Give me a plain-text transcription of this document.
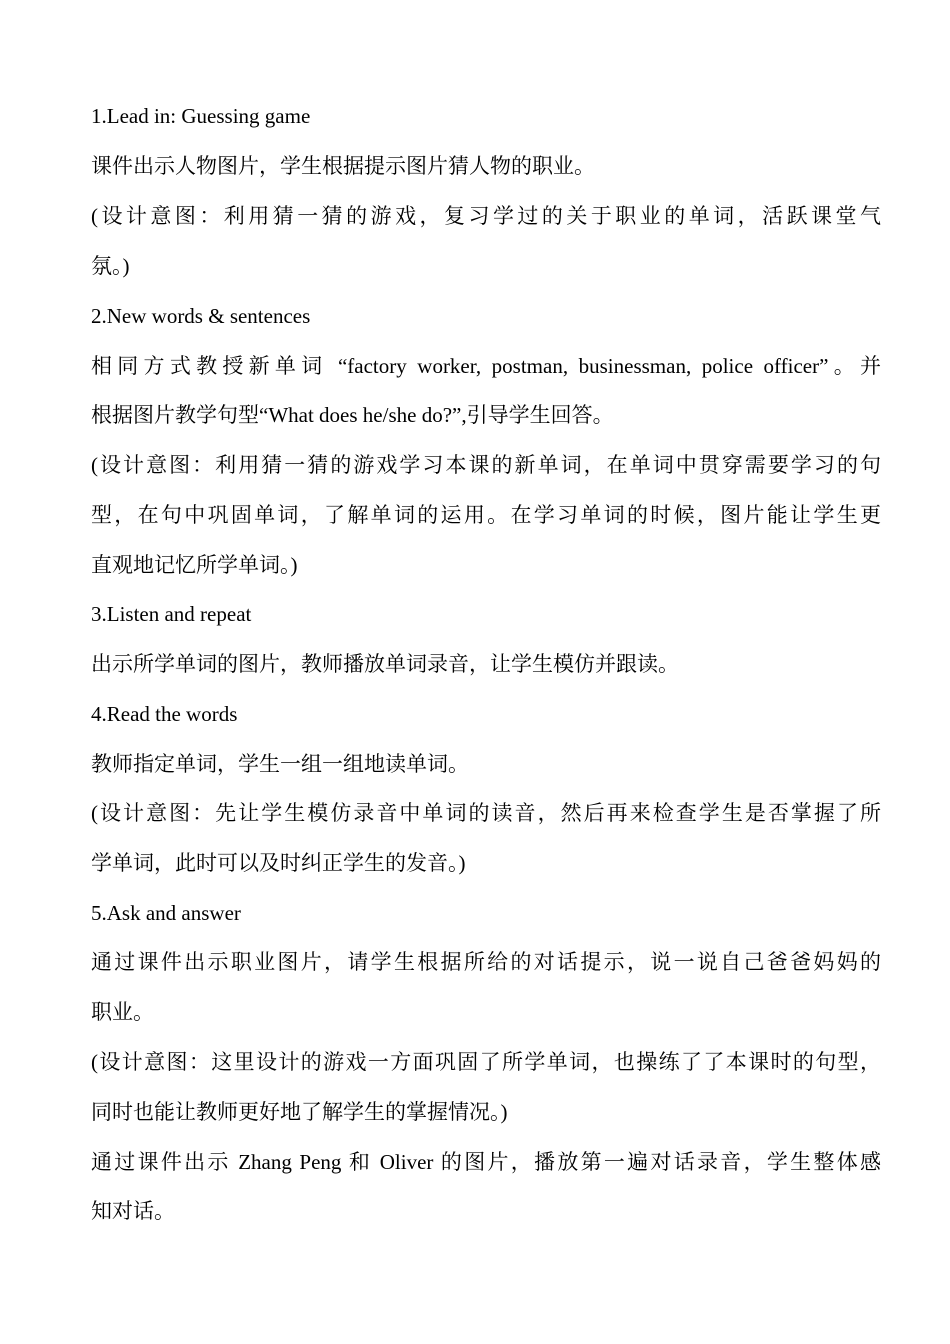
1.Lead in: Guessing game
课件出示人物图片，学生根据提示图片猜人物的职业。
(设计意图：利用猜一猜的游戏，复习学过的关于职业的单词，活跃课堂气
氛。)
2.New words & sentences
相同方式教授新单词 “factory worker, postman, businessman, police officer”。并
根据图片教学句型“What does he/she do?”,引导学生回答。
(设计意图：利用猜一猜的游戏学习本课的新单词，在单词中贯穿需要学习的句
型，在句中巩固单词，了解单词的运用。在学习单词的时候，图片能让学生更
直观地记忆所学单词。)
3.Listen and repeat
出示所学单词的图片，教师播放单词录音，让学生模仿并跟读。
4.Read the words
教师指定单词，学生一组一组地读单词。
(设计意图：先让学生模仿录音中单词的读音，然后再来检查学生是否掌握了所
学单词，此时可以及时纠正学生的发音。)
5.Ask and answer
通过课件出示职业图片，请学生根据所给的对话提示，说一说自己爸爸妈妈的
职业。
(设计意图：这里设计的游戏一方面巩固了所学单词，也操练了了本课时的句型，
同时也能让教师更好地了解学生的掌握情况。)
通过课件出示 Zhang Peng 和 Oliver 的图片，播放第一遍对话录音，学生整体感
知对话。
